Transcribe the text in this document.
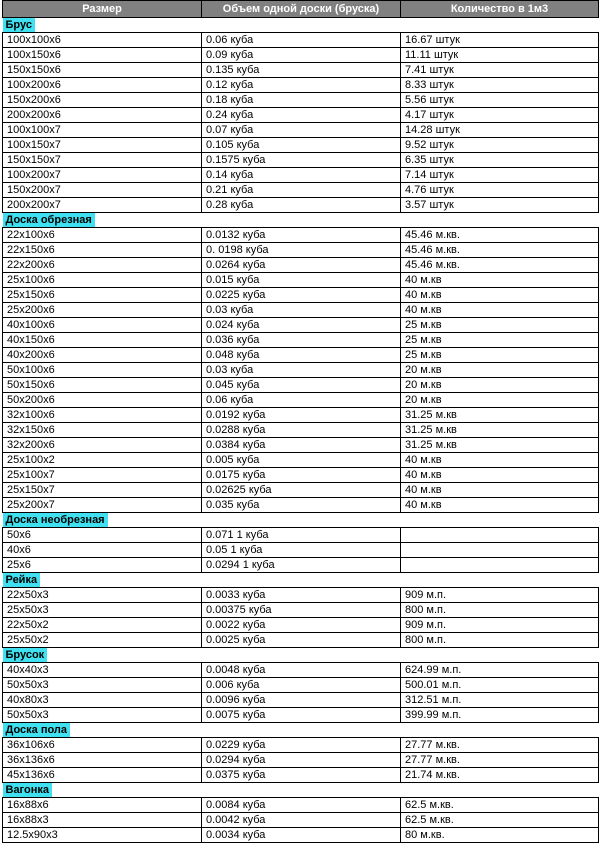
Размер	Объем одной доски (бруска)	Количество в 1м3
Брус		
100x100x6	0.06 куба	16.67 штук
100x150x6	0.09 куба	11.11 штук
150x150x6	0.135 куба	7.41 штук
100x200x6	0.12 куба	8.33 штук
150x200x6	0.18 куба	5.56 штук
200x200x6	0.24 куба	4.17 штук
100x100x7	0.07 куба	14.28 штук
100x150x7	0.105 куба	9.52 штук
150x150x7	0.1575 куба	6.35 штук
100x200x7	0.14 куба	7.14 штук
150x200x7	0.21 куба	4.76 штук
200x200x7	0.28 куба	3.57 штук
Доска обрезная		
22x100x6	0.0132 куба	45.46 м.кв.
22x150x6	0. 0198 куба	45.46 м.кв.
22x200x6	0.0264 куба	45.46 м.кв.
25x100x6	0.015 куба	40 м.кв
25x150x6	0.0225 куба	40 м.кв
25x200x6	0.03 куба	40 м.кв
40x100x6	0.024 куба	25 м.кв
40x150x6	0.036 куба	25 м.кв
40x200x6	0.048 куба	25 м.кв
50x100x6	0.03 куба	20 м.кв
50x150x6	0.045 куба	20 м.кв
50x200x6	0.06 куба	20 м.кв
32x100x6	0.0192 куба	31.25 м.кв
32x150x6	0.0288 куба	31.25 м.кв
32x200x6	0.0384 куба	31.25 м.кв
25x100x2	0.005 куба	40 м.кв
25x100x7	0.0175 куба	40 м.кв
25x150x7	0.02625 куба	40 м.кв
25x200x7	0.035 куба	40 м.кв
Доска необрезная		
50x6	0.071 1 куба	
40x6	0.05 1 куба	
25x6	0.0294 1 куба	
Рейка		
22x50x3	0.0033 куба	909 м.п.
25x50x3	0.00375 куба	800 м.п.
22x50x2	0.0022 куба	909 м.п.
25x50x2	0.0025 куба	800 м.п.
Брусок		
40x40x3	0.0048 куба	624.99 м.п.
50x50x3	0.006 куба	500.01 м.п.
40x80x3	0.0096 куба	312.51 м.п.
50x50x3	0.0075 куба	399.99 м.п.
Доска пола		
36x106x6	0.0229 куба	27.77 м.кв.
36x136x6	0.0294 куба	27.77 м.кв.
45x136x6	0.0375 куба	21.74 м.кв.
Вагонка		
16x88x6	0.0084 куба	62.5 м.кв.
16x88x3	0.0042 куба	62.5 м.кв.
12.5x90x3	0.0034 куба	80 м.кв.
